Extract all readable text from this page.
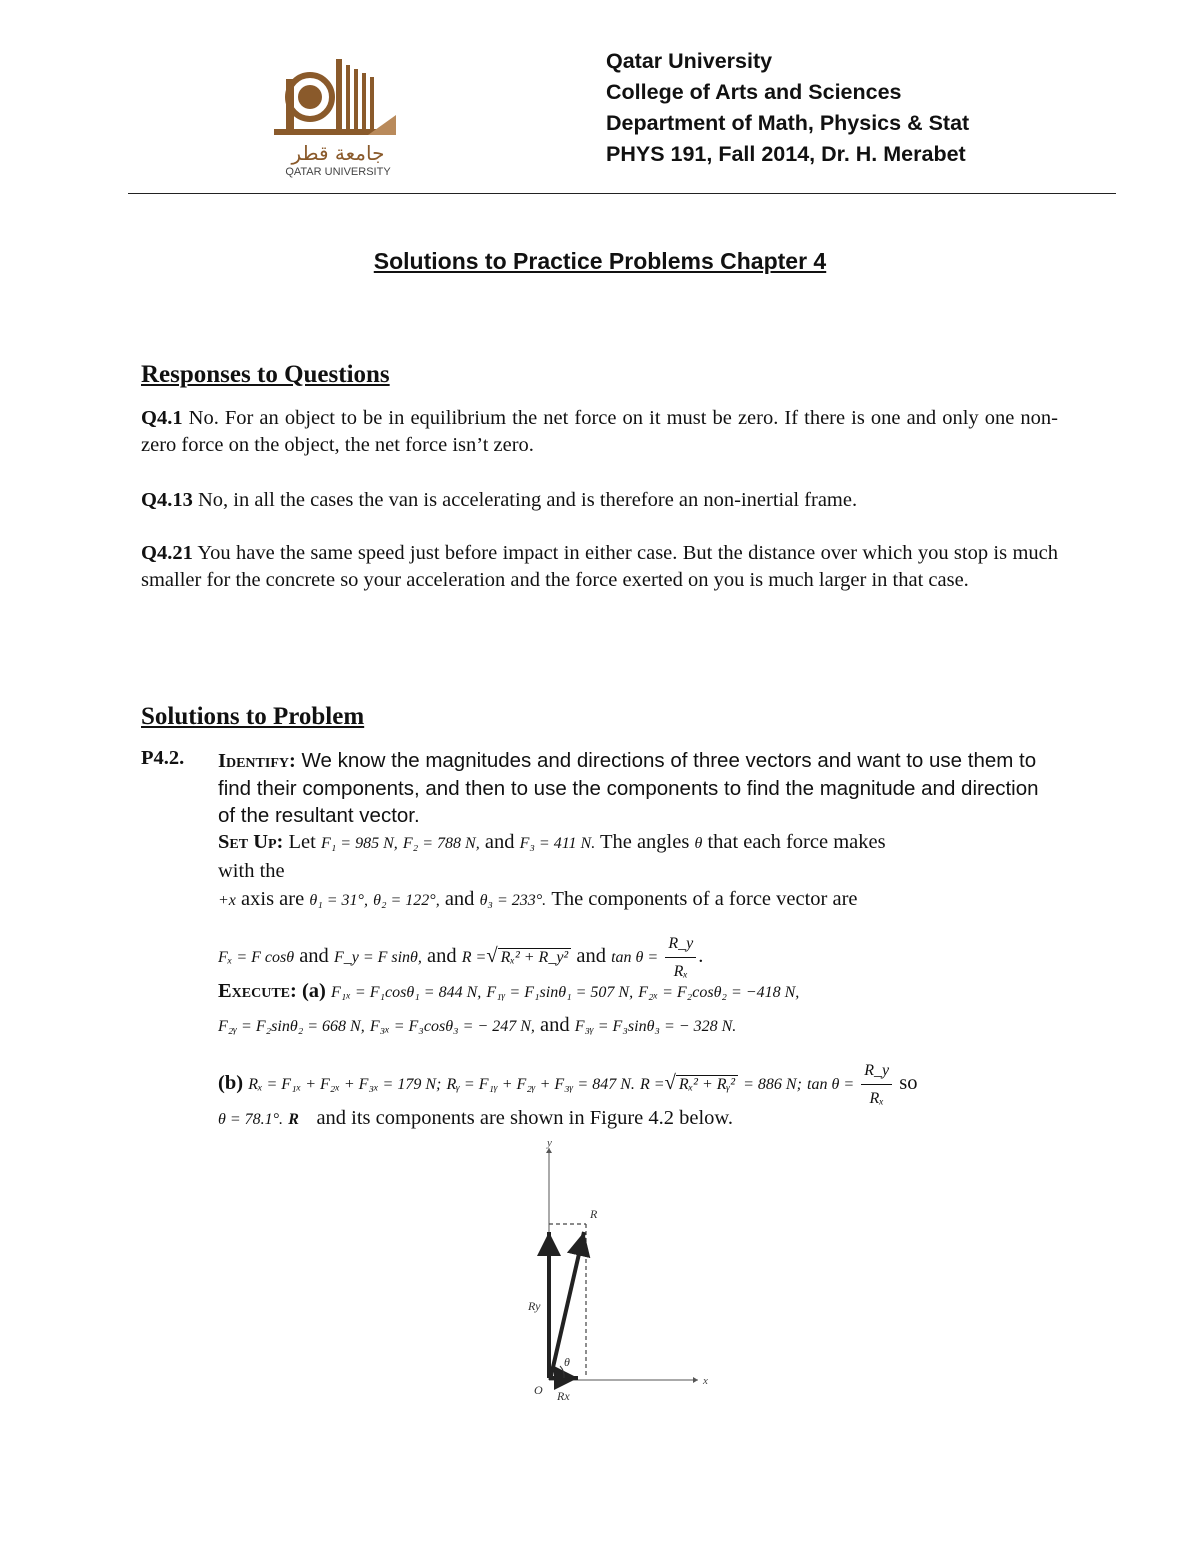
جامعة قطر
QATAR UNIVERSITY
Qatar University
College of Arts and Sciences
Department of Math, Physics & Stat
PHYS 191, Fall 2014, Dr. H. Merabet
Solutions to Practice Problems Chapter 4
Responses to Questions
Q4.1 No. For an object to be in equilibrium the net force on it must be zero. If there is one and only one non-zero force on the object, the net force isn’t zero.
Q4.13 No, in all the cases the van is accelerating and is therefore an non-inertial frame.
Q4.21 You have the same speed just before impact in either case. But the distance over which you stop is much smaller for the concrete so your acceleration and the force exerted on you is much larger in that case.
Solutions to Problem
P4.2. Identify: We know the magnitudes and directions of three vectors and want to use them to find their components, and then to use the components to find the magnitude and direction of the resultant vector.
Set Up: Let F₁ = 985 N, F₂ = 788 N, and F₃ = 411 N. The angles θ that each force makes
with the
+x axis are θ₁ = 31°, θ₂ = 122°, and θ₃ = 233°. The components of a force vector are
Fₓ = F cosθ and F_y = F sinθ, and R =√ Rₓ² + R_y² and $\tan \theta = \frac{R\_y}{\text{Rₓ}}$ .
Execute: (a) F₁ₓ = F₁cosθ₁ = 844 N, F₁ᵧ = F₁sinθ₁ = 507 N, F₂ₓ = F₂cosθ₂ = −418 N,
F₂ᵧ = F₂sinθ₂ = 668 N, F₃ₓ = F₃cosθ₃ = − 247 N, and F₃ᵧ = F₃sinθ₃ = − 328 N.
(b) Rₓ = F₁ₓ + F₂ₓ + F₃ₓ = 179 N; Rᵧ = F₁ᵧ + F₂ᵧ + F₃ᵧ = 847 N. R =√ Rₓ² + Rᵧ² = 886 N; $\tan \theta = \frac{R\_y}{\text{Rₓ}}$ so
θ = 78.1°. R⃗ and its components are shown in Figure 4.2 below.
y
x
θ
R
Ry
O Rx
